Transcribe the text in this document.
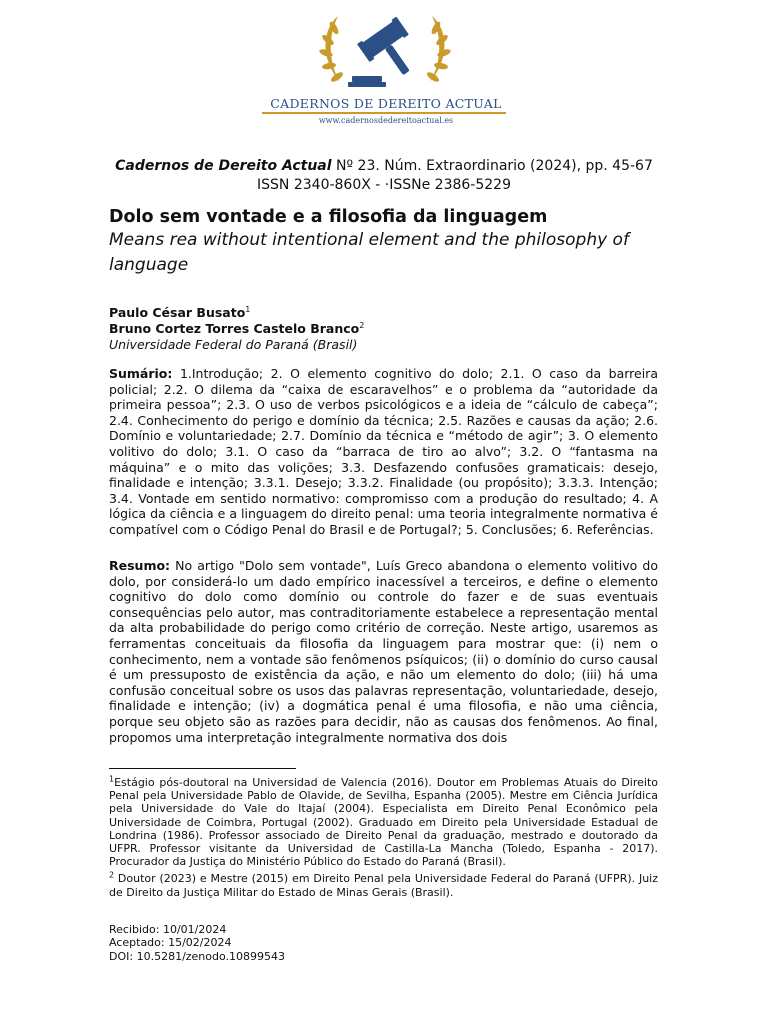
CADERNOS DE DEREITO ACTUAL
www.cadernosdedereitoactual.es
Cadernos de Dereito Actual Nº 23. Núm. Extraordinario (2024), pp. 45-67
ISSN 2340-860X - ·ISSNe 2386-5229
Dolo sem vontade e a filosofia da linguagem
Means rea without intentional element and the philosophy of language
Paulo César Busato$^1$
Bruno Cortez Torres Castelo Branco$^2$
Universidade Federal do Paraná (Brasil)
Sumário: 1.Introdução; 2. O elemento cognitivo do dolo; 2.1. O caso da barreira policial; 2.2. O dilema da “caixa de escaravelhos” e o problema da “autoridade da primeira pessoa”; 2.3. O uso de verbos psicológicos e a ideia de “cálculo de cabeça”; 2.4. Conhecimento do perigo e domínio da técnica; 2.5. Razões e causas da ação; 2.6. Domínio e voluntariedade; 2.7. Domínio da técnica e “método de agir”; 3. O elemento volitivo do dolo; 3.1. O caso da “barraca de tiro ao alvo”; 3.2. O “fantasma na máquina” e o mito das volições; 3.3. Desfazendo confusões gramaticais: desejo, finalidade e intenção; 3.3.1. Desejo; 3.3.2. Finalidade (ou propósito); 3.3.3. Intenção; 3.4. Vontade em sentido normativo: compromisso com a produção do resultado; 4. A lógica da ciência e a linguagem do direito penal: uma teoria integralmente normativa é compatível com o Código Penal do Brasil e de Portugal?; 5. Conclusões; 6. Referências.
Resumo: No artigo "Dolo sem vontade", Luís Greco abandona o elemento volitivo do dolo, por considerá-lo um dado empírico inacessível a terceiros, e define o elemento cognitivo do dolo como domínio ou controle do fazer e de suas eventuais consequências pelo autor, mas contraditoriamente estabelece a representação mental da alta probabilidade do perigo como critério de correção. Neste artigo, usaremos as ferramentas conceituais da filosofia da linguagem para mostrar que: (i) nem o conhecimento, nem a vontade são fenômenos psíquicos; (ii) o domínio do curso causal é um pressuposto de existência da ação, e não um elemento do dolo; (iii) há uma confusão conceitual sobre os usos das palavras representação, voluntariedade, desejo, finalidade e intenção; (iv) a dogmática penal é uma filosofia, e não uma ciência, porque seu objeto são as razões para decidir, não as causas dos fenômenos. Ao final, propomos uma interpretação integralmente normativa dos dois

$^1$Estágio pós-doutoral na Universidad de Valencia (2016). Doutor em Problemas Atuais do Direito Penal pela Universidade Pablo de Olavide, de Sevilha, Espanha (2005). Mestre em Ciência Jurídica pela Universidade do Vale do Itajaí (2004). Especialista em Direito Penal Econômico pela Universidade de Coimbra, Portugal (2002). Graduado em Direito pela Universidade Estadual de Londrina (1986). Professor associado de Direito Penal da graduação, mestrado e doutorado da UFPR. Professor visitante da Universidad de Castilla-La Mancha (Toledo, Espanha - 2017). Procurador da Justiça do Ministério Público do Estado do Paraná (Brasil).

$^2$ Doutor (2023) e Mestre (2015) em Direito Penal pela Universidade Federal do Paraná (UFPR). Juiz de Direito da Justiça Militar do Estado de Minas Gerais (Brasil).

Recibido: 10/01/2024
Aceptado: 15/02/2024
DOI: 10.5281/zenodo.10899543
